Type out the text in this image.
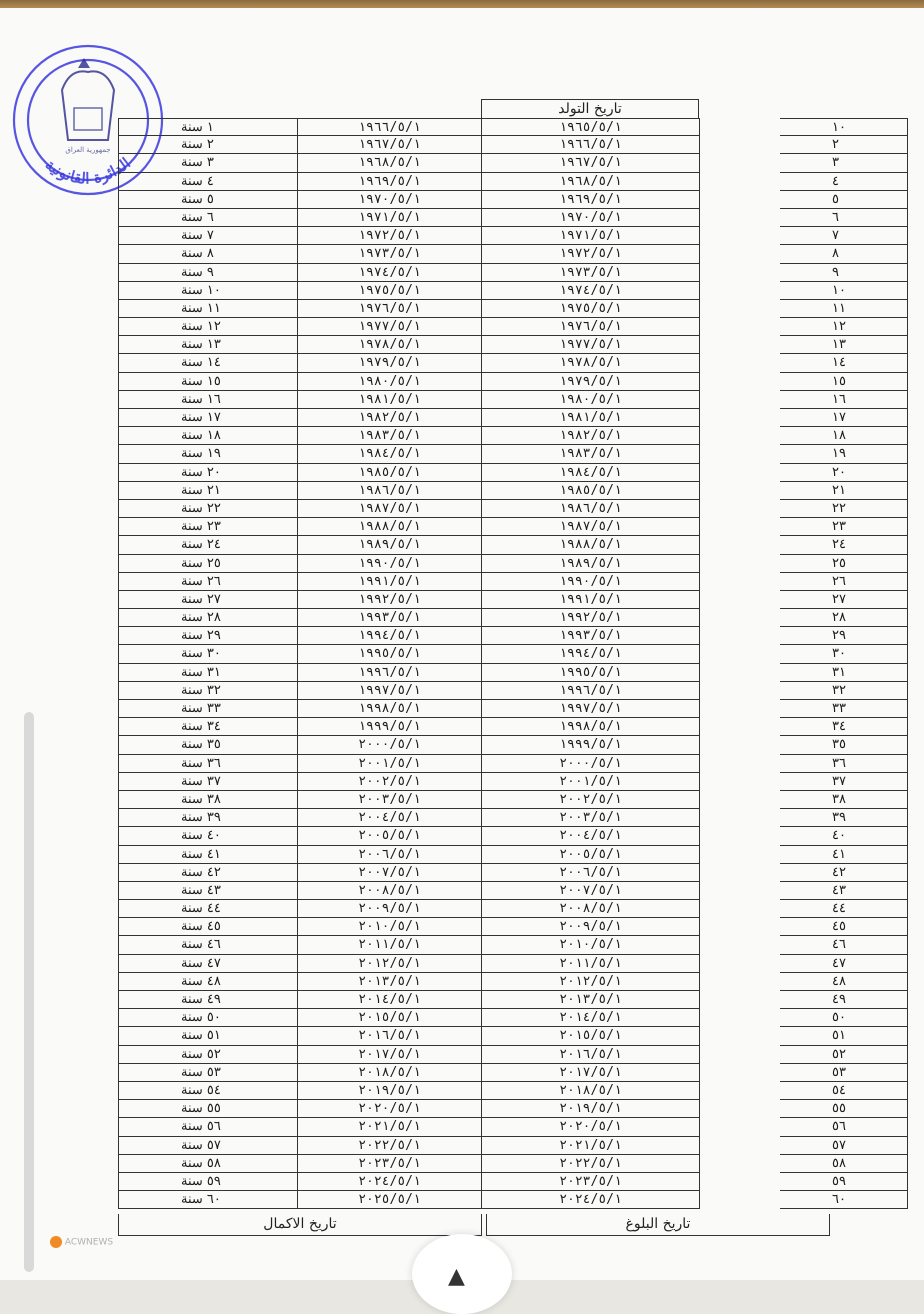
الدائرة القانونية
جمهورية العراق
تاريخ التولد
١ سنة	١٩٦٦/٥/١	١٩٦٥/٥/١	١٠
٢ سنة	١٩٦٧/٥/١	١٩٦٦/٥/١	٢
٣ سنة	١٩٦٨/٥/١	١٩٦٧/٥/١	٣
٤ سنة	١٩٦٩/٥/١	١٩٦٨/٥/١	٤
٥ سنة	١٩٧٠/٥/١	١٩٦٩/٥/١	٥
٦ سنة	١٩٧١/٥/١	١٩٧٠/٥/١	٦
٧ سنة	١٩٧٢/٥/١	١٩٧١/٥/١	٧
٨ سنة	١٩٧٣/٥/١	١٩٧٢/٥/١	٨
٩ سنة	١٩٧٤/٥/١	١٩٧٣/٥/١	٩
١٠ سنة	١٩٧٥/٥/١	١٩٧٤/٥/١	١٠
١١ سنة	١٩٧٦/٥/١	١٩٧٥/٥/١	١١
١٢ سنة	١٩٧٧/٥/١	١٩٧٦/٥/١	١٢
١٣ سنة	١٩٧٨/٥/١	١٩٧٧/٥/١	١٣
١٤ سنة	١٩٧٩/٥/١	١٩٧٨/٥/١	١٤
١٥ سنة	١٩٨٠/٥/١	١٩٧٩/٥/١	١٥
١٦ سنة	١٩٨١/٥/١	١٩٨٠/٥/١	١٦
١٧ سنة	١٩٨٢/٥/١	١٩٨١/٥/١	١٧
١٨ سنة	١٩٨٣/٥/١	١٩٨٢/٥/١	١٨
١٩ سنة	١٩٨٤/٥/١	١٩٨٣/٥/١	١٩
٢٠ سنة	١٩٨٥/٥/١	١٩٨٤/٥/١	٢٠
٢١ سنة	١٩٨٦/٥/١	١٩٨٥/٥/١	٢١
٢٢ سنة	١٩٨٧/٥/١	١٩٨٦/٥/١	٢٢
٢٣ سنة	١٩٨٨/٥/١	١٩٨٧/٥/١	٢٣
٢٤ سنة	١٩٨٩/٥/١	١٩٨٨/٥/١	٢٤
٢٥ سنة	١٩٩٠/٥/١	١٩٨٩/٥/١	٢٥
٢٦ سنة	١٩٩١/٥/١	١٩٩٠/٥/١	٢٦
٢٧ سنة	١٩٩٢/٥/١	١٩٩١/٥/١	٢٧
٢٨ سنة	١٩٩٣/٥/١	١٩٩٢/٥/١	٢٨
٢٩ سنة	١٩٩٤/٥/١	١٩٩٣/٥/١	٢٩
٣٠ سنة	١٩٩٥/٥/١	١٩٩٤/٥/١	٣٠
٣١ سنة	١٩٩٦/٥/١	١٩٩٥/٥/١	٣١
٣٢ سنة	١٩٩٧/٥/١	١٩٩٦/٥/١	٣٢
٣٣ سنة	١٩٩٨/٥/١	١٩٩٧/٥/١	٣٣
٣٤ سنة	١٩٩٩/٥/١	١٩٩٨/٥/١	٣٤
٣٥ سنة	٢٠٠٠/٥/١	١٩٩٩/٥/١	٣٥
٣٦ سنة	٢٠٠١/٥/١	٢٠٠٠/٥/١	٣٦
٣٧ سنة	٢٠٠٢/٥/١	٢٠٠١/٥/١	٣٧
٣٨ سنة	٢٠٠٣/٥/١	٢٠٠٢/٥/١	٣٨
٣٩ سنة	٢٠٠٤/٥/١	٢٠٠٣/٥/١	٣٩
٤٠ سنة	٢٠٠٥/٥/١	٢٠٠٤/٥/١	٤٠
٤١ سنة	٢٠٠٦/٥/١	٢٠٠٥/٥/١	٤١
٤٢ سنة	٢٠٠٧/٥/١	٢٠٠٦/٥/١	٤٢
٤٣ سنة	٢٠٠٨/٥/١	٢٠٠٧/٥/١	٤٣
٤٤ سنة	٢٠٠٩/٥/١	٢٠٠٨/٥/١	٤٤
٤٥ سنة	٢٠١٠/٥/١	٢٠٠٩/٥/١	٤٥
٤٦ سنة	٢٠١١/٥/١	٢٠١٠/٥/١	٤٦
٤٧ سنة	٢٠١٢/٥/١	٢٠١١/٥/١	٤٧
٤٨ سنة	٢٠١٣/٥/١	٢٠١٢/٥/١	٤٨
٤٩ سنة	٢٠١٤/٥/١	٢٠١٣/٥/١	٤٩
٥٠ سنة	٢٠١٥/٥/١	٢٠١٤/٥/١	٥٠
٥١ سنة	٢٠١٦/٥/١	٢٠١٥/٥/١	٥١
٥٢ سنة	٢٠١٧/٥/١	٢٠١٦/٥/١	٥٢
٥٣ سنة	٢٠١٨/٥/١	٢٠١٧/٥/١	٥٣
٥٤ سنة	٢٠١٩/٥/١	٢٠١٨/٥/١	٥٤
٥٥ سنة	٢٠٢٠/٥/١	٢٠١٩/٥/١	٥٥
٥٦ سنة	٢٠٢١/٥/١	٢٠٢٠/٥/١	٥٦
٥٧ سنة	٢٠٢٢/٥/١	٢٠٢١/٥/١	٥٧
٥٨ سنة	٢٠٢٣/٥/١	٢٠٢٢/٥/١	٥٨
٥٩ سنة	٢٠٢٤/٥/١	٢٠٢٣/٥/١	٥٩
٦٠ سنة	٢٠٢٥/٥/١	٢٠٢٤/٥/١	٦٠
تاريخ الاكمال	تاريخ البلوغ
ACWNEWS
▲
